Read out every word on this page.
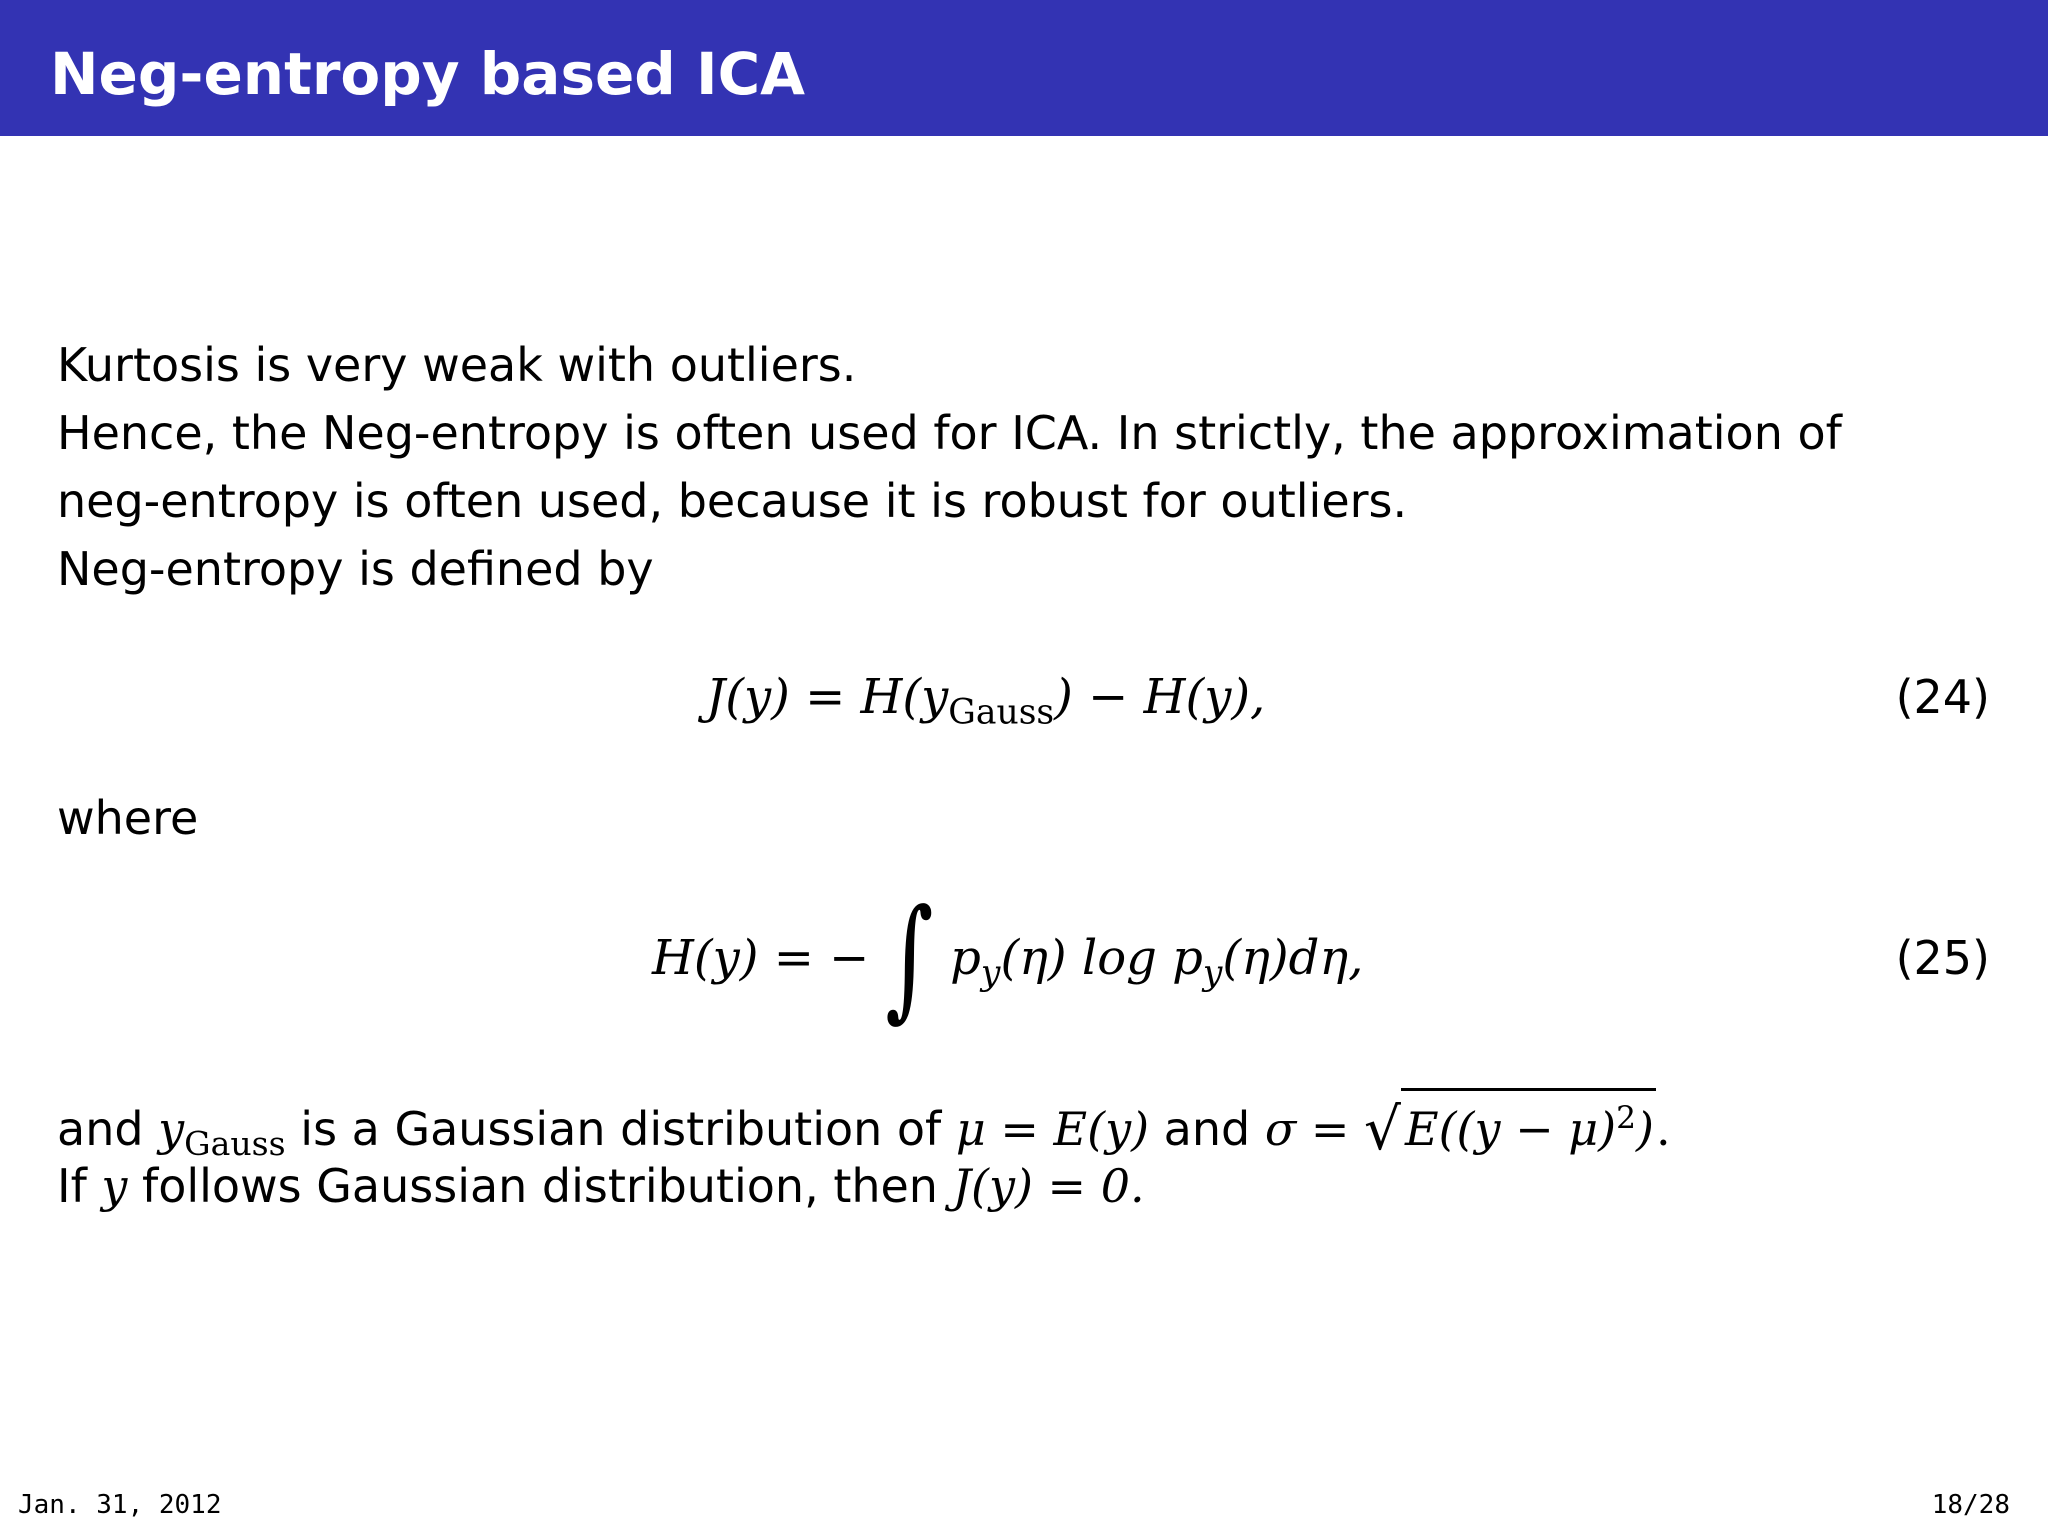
Neg-entropy based ICA
Kurtosis is very weak with outliers.
Hence, the Neg-entropy is often used for ICA. In strictly, the approximation of
neg-entropy is often used, because it is robust for outliers.
Neg-entropy is defined by
$J(y) = H(y_{Gauss}) - H(y)$,	(24)
where
H(y) = − ∫ $p_y(\eta)$ $\log p_y(\eta)d\eta$,	(25)
and $y_{Gauss}$ is a Gaussian distribution of μ = E(y) and $\sigma = √E((y - \mu)^2)$.
If y follows Gaussian distribution, then J(y) = 0.
Jan. 31, 2012	18/28
